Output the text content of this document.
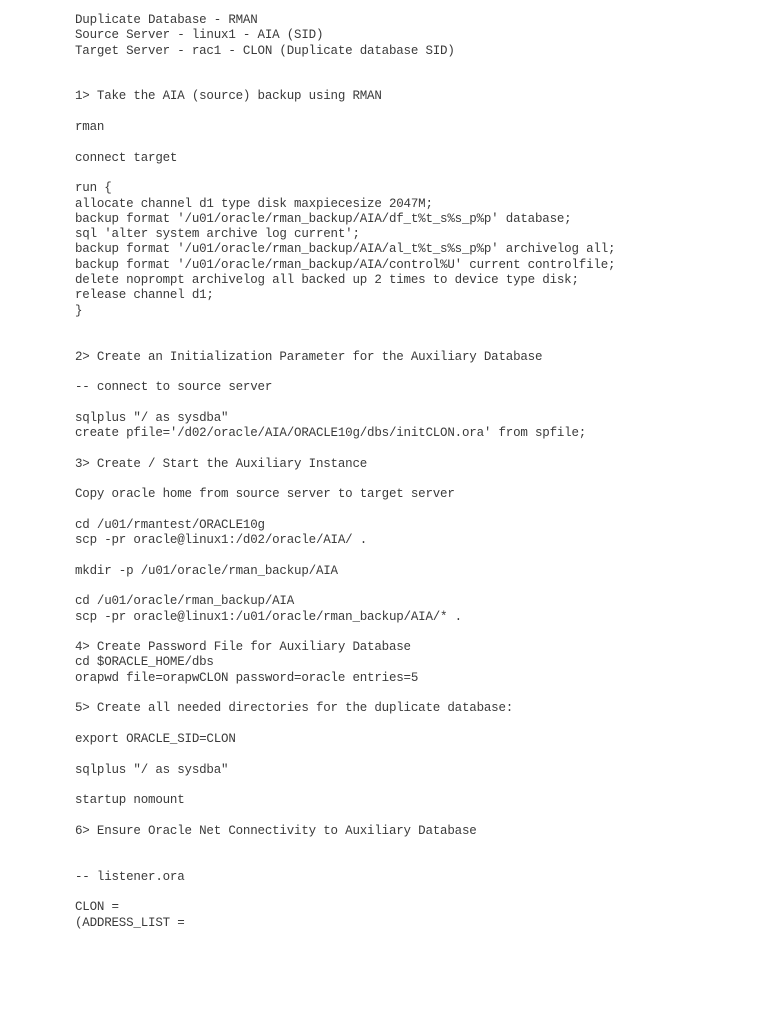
Duplicate Database - RMAN
Source Server - linux1 - AIA (SID)
Target Server - rac1 - CLON (Duplicate database SID)
1> Take the AIA (source) backup using RMAN
rman
connect target
run {
allocate channel d1 type disk maxpiecesize 2047M;
backup format '/u01/oracle/rman_backup/AIA/df_t%t_s%s_p%p' database;
sql 'alter system archive log current';
backup format '/u01/oracle/rman_backup/AIA/al_t%t_s%s_p%p' archivelog all;
backup format '/u01/oracle/rman_backup/AIA/control%U' current controlfile;
delete noprompt archivelog all backed up 2 times to device type disk;
release channel d1;
}
2> Create an Initialization Parameter for the Auxiliary Database
-- connect to source server
sqlplus "/ as sysdba"
create pfile='/d02/oracle/AIA/ORACLE10g/dbs/initCLON.ora' from spfile;
3> Create / Start the Auxiliary Instance
Copy oracle home from source server to target server
cd /u01/rmantest/ORACLE10g
scp -pr oracle@linux1:/d02/oracle/AIA/ .
mkdir -p /u01/oracle/rman_backup/AIA
cd /u01/oracle/rman_backup/AIA
scp -pr oracle@linux1:/u01/oracle/rman_backup/AIA/* .
4> Create Password File for Auxiliary Database
cd $ORACLE_HOME/dbs
orapwd file=orapwCLON password=oracle entries=5
5> Create all needed directories for the duplicate database:
export ORACLE_SID=CLON
sqlplus "/ as sysdba"
startup nomount
6> Ensure Oracle Net Connectivity to Auxiliary Database
-- listener.ora
CLON =
(ADDRESS_LIST =
